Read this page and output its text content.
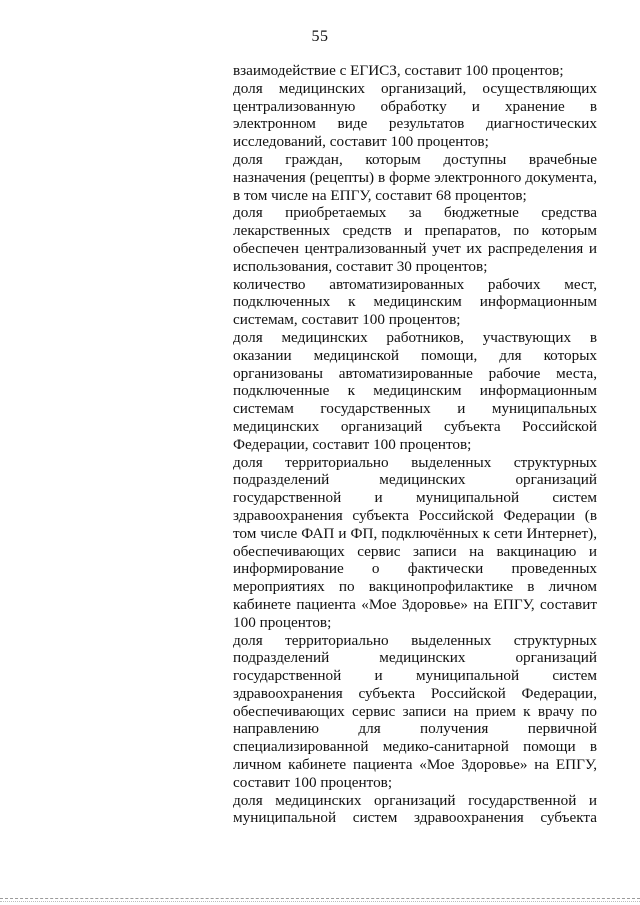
55

взаимодействие с ЕГИСЗ, составит 100 процентов;

доля медицинских организаций, осуществляющих централизованную обработку и хранение в электронном виде результатов диагностических исследований, составит 100 процентов;

доля граждан, которым доступны врачебные назначения (рецепты) в форме электронного документа, в том числе на ЕПГУ, составит 68 процентов;

доля приобретаемых за бюджетные средства лекарственных средств и препаратов, по которым обеспечен централизованный учет их распределения и использования, составит 30 процентов;

количество автоматизированных рабочих мест, подключенных к медицинским информационным системам, составит 100 процентов;

доля медицинских работников, участвующих в оказании медицинской помощи, для которых организованы автоматизированные рабочие места, подключенные к медицинским информационным системам государственных и муниципальных медицинских организаций субъекта Российской Федерации, составит 100 процентов;

доля территориально выделенных структурных подразделений медицинских организаций государственной и муниципальной систем здравоохранения субъекта Российской Федерации (в том числе ФАП и ФП, подключённых к сети Интернет), обеспечивающих сервис записи на вакцинацию и информирование о фактически проведенных мероприятиях по вакцинопрофилактике в личном кабинете пациента «Мое Здоровье» на ЕПГУ, составит 100 процентов;

доля территориально выделенных структурных подразделений медицинских организаций государственной и муниципальной систем здравоохранения субъекта Российской Федерации, обеспечивающих сервис записи на прием к врачу по направлению для получения первичной специализированной медико-санитарной помощи в личном кабинете пациента «Мое Здоровье» на ЕПГУ, составит 100 процентов;

доля медицинских организаций государственной и муниципальной систем здравоохранения субъекта
